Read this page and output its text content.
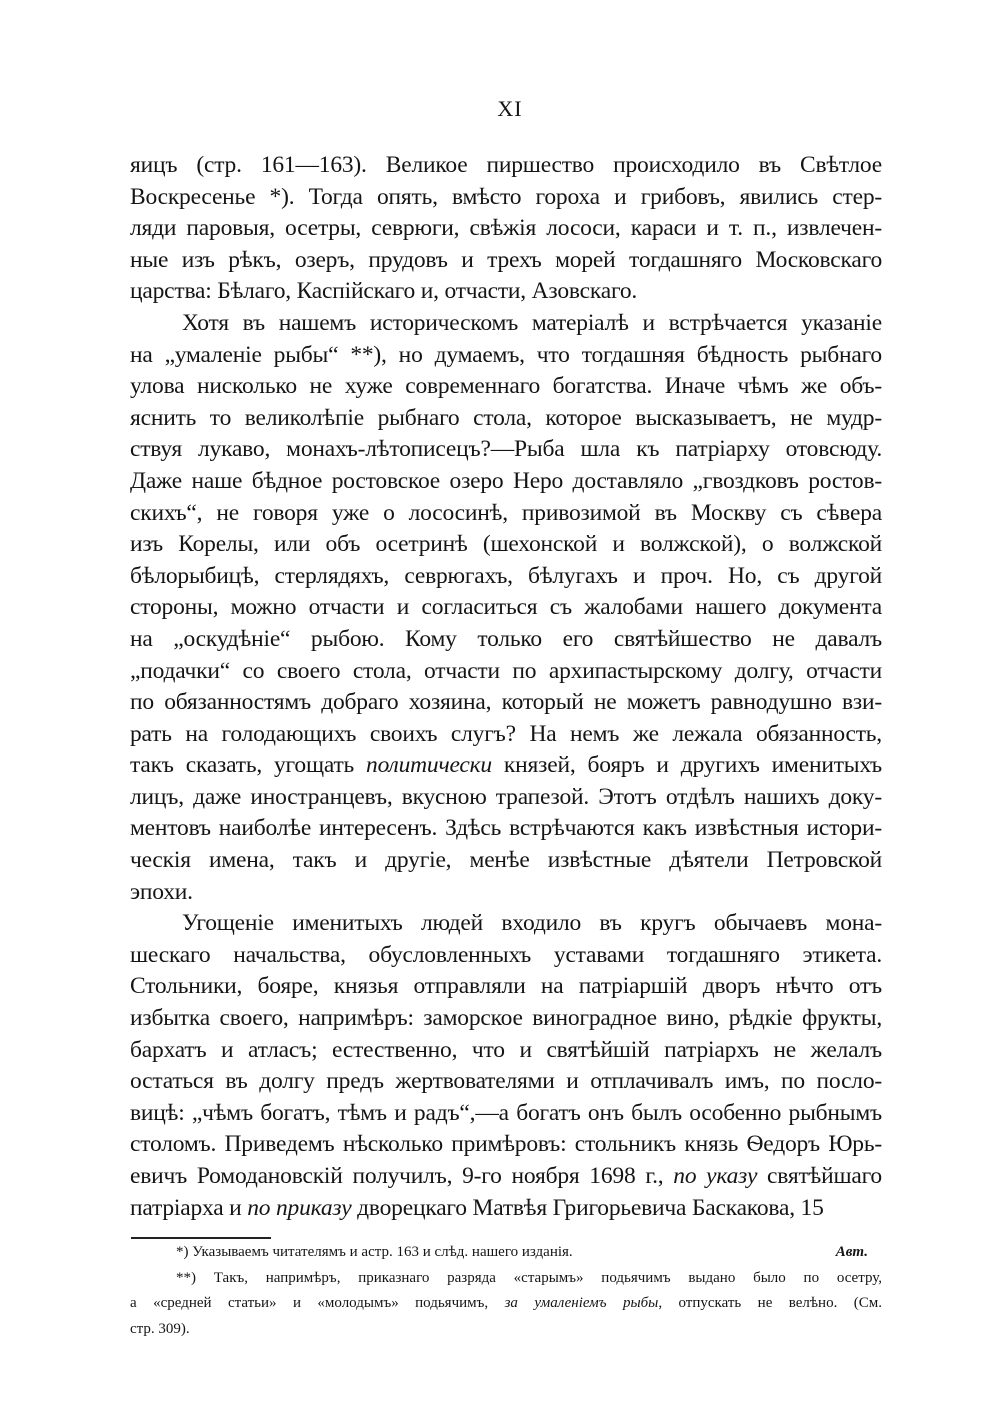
XI
яицъ (стр. 161—163). Великое пиршество происходило въ Свѣтлое
Воскресенье *). Тогда опять, вмѣсто гороха и грибовъ, явились стер-
ляди паровыя, осетры, севрюги, свѣжія лососи, караси и т. п., извлечен-
ные изъ рѣкъ, озеръ, прудовъ и трехъ морей тогдашняго Московскаго
царства: Бѣлаго, Каспійскаго и, отчасти, Азовскаго.
Хотя въ нашемъ историческомъ матеріалѣ и встрѣчается указаніе
на „умаленіе рыбы“ **), но думаемъ, что тогдашняя бѣдность рыбнаго
улова нисколько не хуже современнаго богатства. Иначе чѣмъ же объ-
яснить то великолѣпіе рыбнаго стола, которое высказываетъ, не мудр-
ствуя лукаво, монахъ-лѣтописецъ?—Рыба шла къ патріарху отовсюду.
Даже наше бѣдное ростовское озеро Неро доставляло „гвоздковъ ростов-
скихъ“, не говоря уже о лососинѣ, привозимой въ Москву съ сѣвера
изъ Корелы, или объ осетринѣ (шехонской и волжской), о волжской
бѣлорыбицѣ, стерлядяхъ, севрюгахъ, бѣлугахъ и проч. Но, съ другой
стороны, можно отчасти и согласиться съ жалобами нашего документа
на „оскудѣніе“ рыбою. Кому только его святѣйшество не давалъ
„подачки“ со своего стола, отчасти по архипастырскому долгу, отчасти
по обязанностямъ добраго хозяина, который не можетъ равнодушно взи-
рать на голодающихъ своихъ слугъ? На немъ же лежала обязанность,
такъ сказать, угощать политически князей, бояръ и другихъ именитыхъ
лицъ, даже иностранцевъ, вкусною трапезой. Этотъ отдѣлъ нашихъ доку-
ментовъ наиболѣе интересенъ. Здѣсь встрѣчаются какъ извѣстныя истори-
ческія имена, такъ и другіе, менѣе извѣстные дѣятели Петровской
эпохи.
Угощеніе именитыхъ людей входило въ кругъ обычаевъ мона-
шескаго начальства, обусловленныхъ уставами тогдашняго этикета.
Стольники, бояре, князья отправляли на патріаршій дворъ нѣчто отъ
избытка своего, напримѣръ: заморское виноградное вино, рѣдкіе фрукты,
бархатъ и атласъ; естественно, что и святѣйшій патріархъ не желалъ
остаться въ долгу предъ жертвователями и отплачивалъ имъ, по посло-
вицѣ: „чѣмъ богатъ, тѣмъ и радъ“,—а богатъ онъ былъ особенно рыбнымъ
столомъ. Приведемъ нѣсколько примѣровъ: стольникъ князь Ѳедоръ Юрь-
евичъ Ромодановскій получилъ, 9-го ноября 1698 г., по указу святѣйшаго
патріарха и по приказу дворецкаго Матвѣя Григорьевича Баскакова, 15
*) Указываемъ читателямъ и астр. 163 и слѣд. нашего изданія.	Авт.
**) Такъ, напримѣръ, приказнаго разряда «старымъ» подьячимъ выдано было по осетру,
а «средней статьи» и «молодымъ» подьячимъ, за умаленіемъ рыбы, отпускать не велѣно. (См.
стр. 309).
